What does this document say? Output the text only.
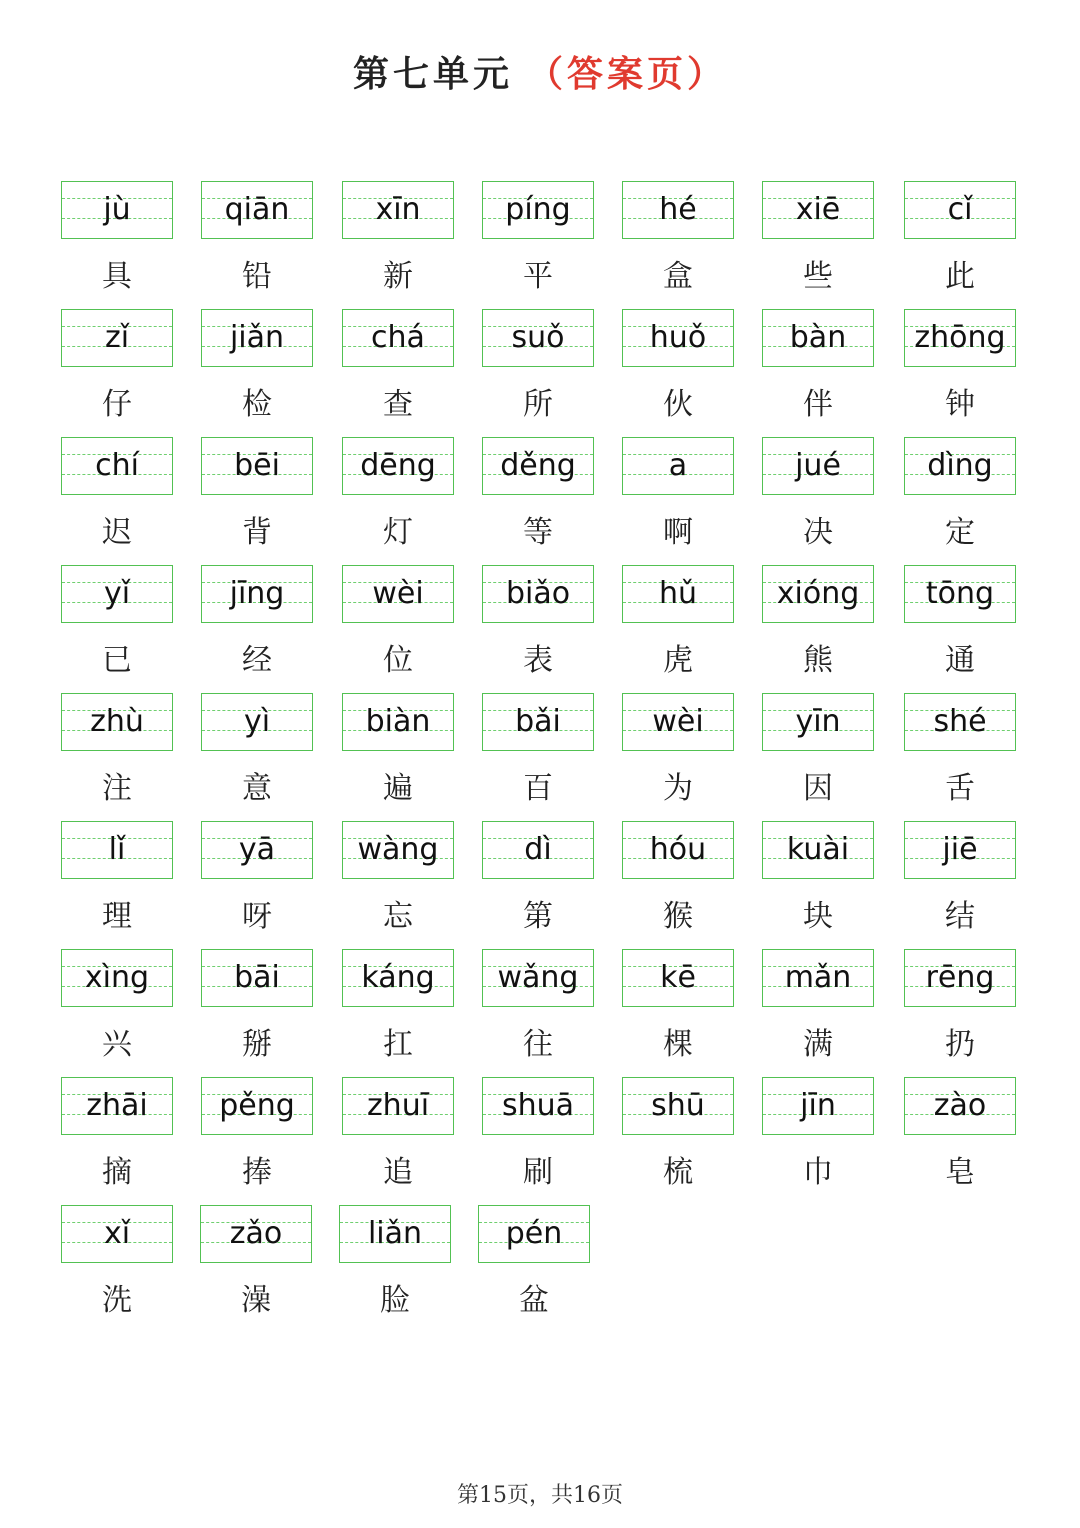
第七单元 （答案页）
jù
具
qiān
铅
xīn
新
píng
平
hé
盒
xiē
些
cǐ
此
zǐ
仔
jiǎn
检
chá
查
suǒ
所
huǒ
伙
bàn
伴
zhōng
钟
chí
迟
bēi
背
dēng
灯
děng
等
a
啊
jué
决
dìng
定
yǐ
已
jīng
经
wèi
位
biǎo
表
hǔ
虎
xióng
熊
tōng
通
zhù
注
yì
意
biàn
遍
bǎi
百
wèi
为
yīn
因
shé
舌
lǐ
理
yā
呀
wàng
忘
dì
第
hóu
猴
kuài
块
jiē
结
xìng
兴
bāi
掰
káng
扛
wǎng
往
kē
棵
mǎn
满
rēng
扔
zhāi
摘
pěng
捧
zhuī
追
shuā
刷
shū
梳
jīn
巾
zào
皂
xǐ
洗
zǎo
澡
liǎn
脸
pén
盆
第15页，共16页
